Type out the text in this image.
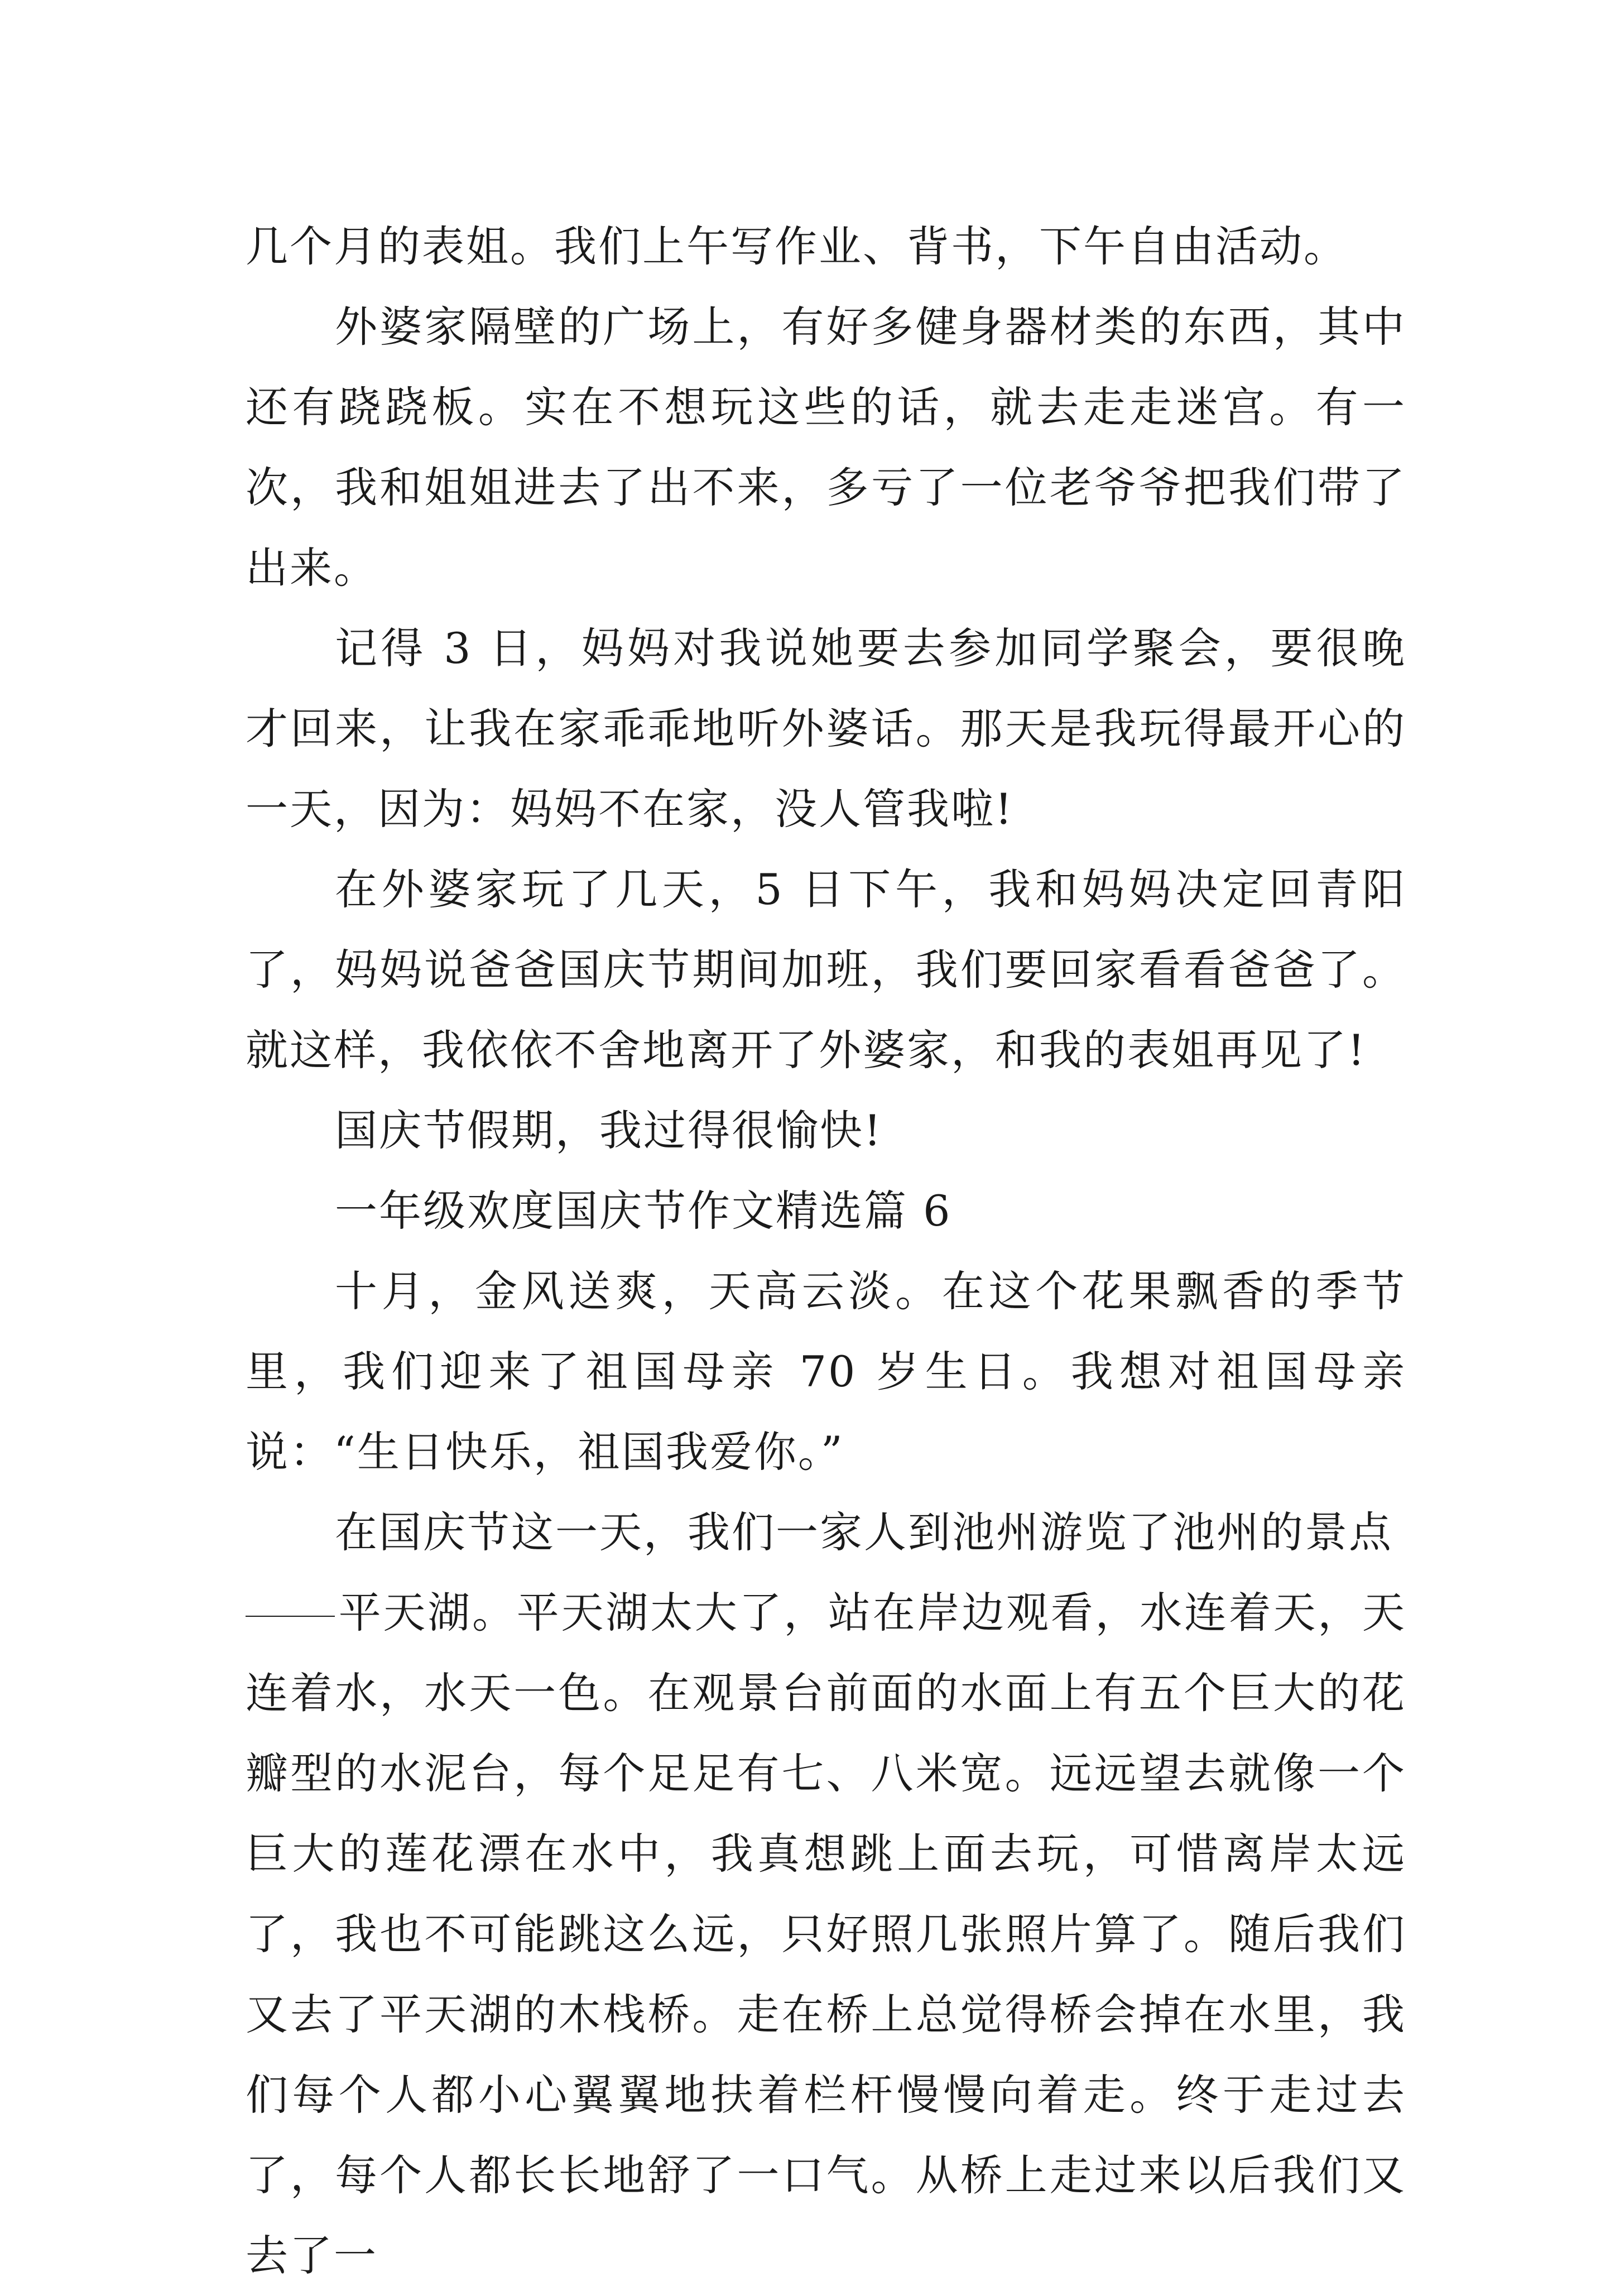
几个月的表姐。我们上午写作业、背书，下午自由活动。

外婆家隔壁的广场上，有好多健身器材类的东西，其中还有跷跷板。实在不想玩这些的话，就去走走迷宫。有一次，我和姐姐进去了出不来，多亏了一位老爷爷把我们带了出来。

记得 3 日，妈妈对我说她要去参加同学聚会，要很晚才回来，让我在家乖乖地听外婆话。那天是我玩得最开心的一天，因为：妈妈不在家，没人管我啦!

在外婆家玩了几天，5 日下午，我和妈妈决定回青阳了，妈妈说爸爸国庆节期间加班，我们要回家看看爸爸了。就这样，我依依不舍地离开了外婆家，和我的表姐再见了!

国庆节假期，我过得很愉快!

一年级欢度国庆节作文精选篇 6

十月，金风送爽，天高云淡。在这个花果飘香的季节里，我们迎来了祖国母亲 70 岁生日。我想对祖国母亲说：“生日快乐，祖国我爱你。”

在国庆节这一天，我们一家人到池州游览了池州的景点

平天湖。平天湖太大了，站在岸边观看，水连着天，天连着水，水天一色。在观景台前面的水面上有五个巨大的花瓣型的水泥台，每个足足有七、八米宽。远远望去就像一个巨大的莲花漂在水中，我真想跳上面去玩，可惜离岸太远了，我也不可能跳这么远，只好照几张照片算了。随后我们又去了平天湖的木栈桥。走在桥上总觉得桥会掉在水里，我们每个人都小心翼翼地扶着栏杆慢慢向着走。终于走过去了，每个人都长长地舒了一口气。从桥上走过来以后我们又去了一
